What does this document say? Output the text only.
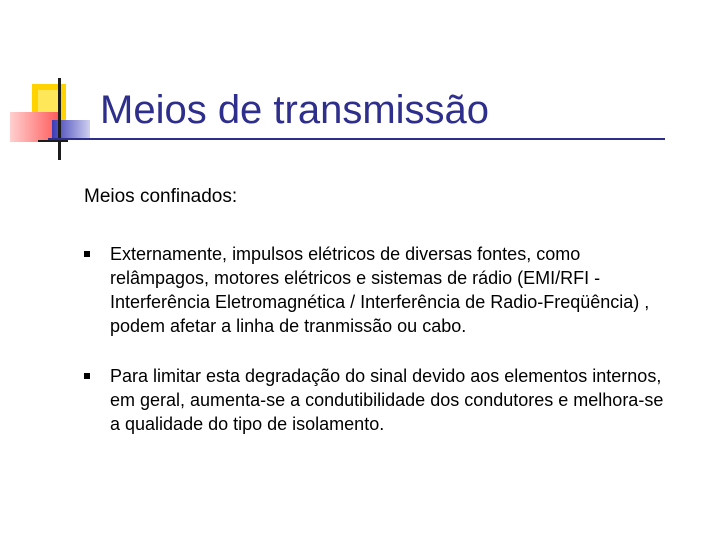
Meios de transmissão
Meios confinados:
Externamente, impulsos elétricos de diversas fontes, como relâmpagos, motores elétricos e sistemas de rádio (EMI/RFI - Interferência Eletromagnética / Interferência de Radio-Freqüência) , podem afetar a linha de tranmissão ou cabo.
Para limitar esta degradação do sinal devido aos elementos internos, em geral, aumenta-se a condutibilidade dos condutores e melhora-se a qualidade do tipo de isolamento.
